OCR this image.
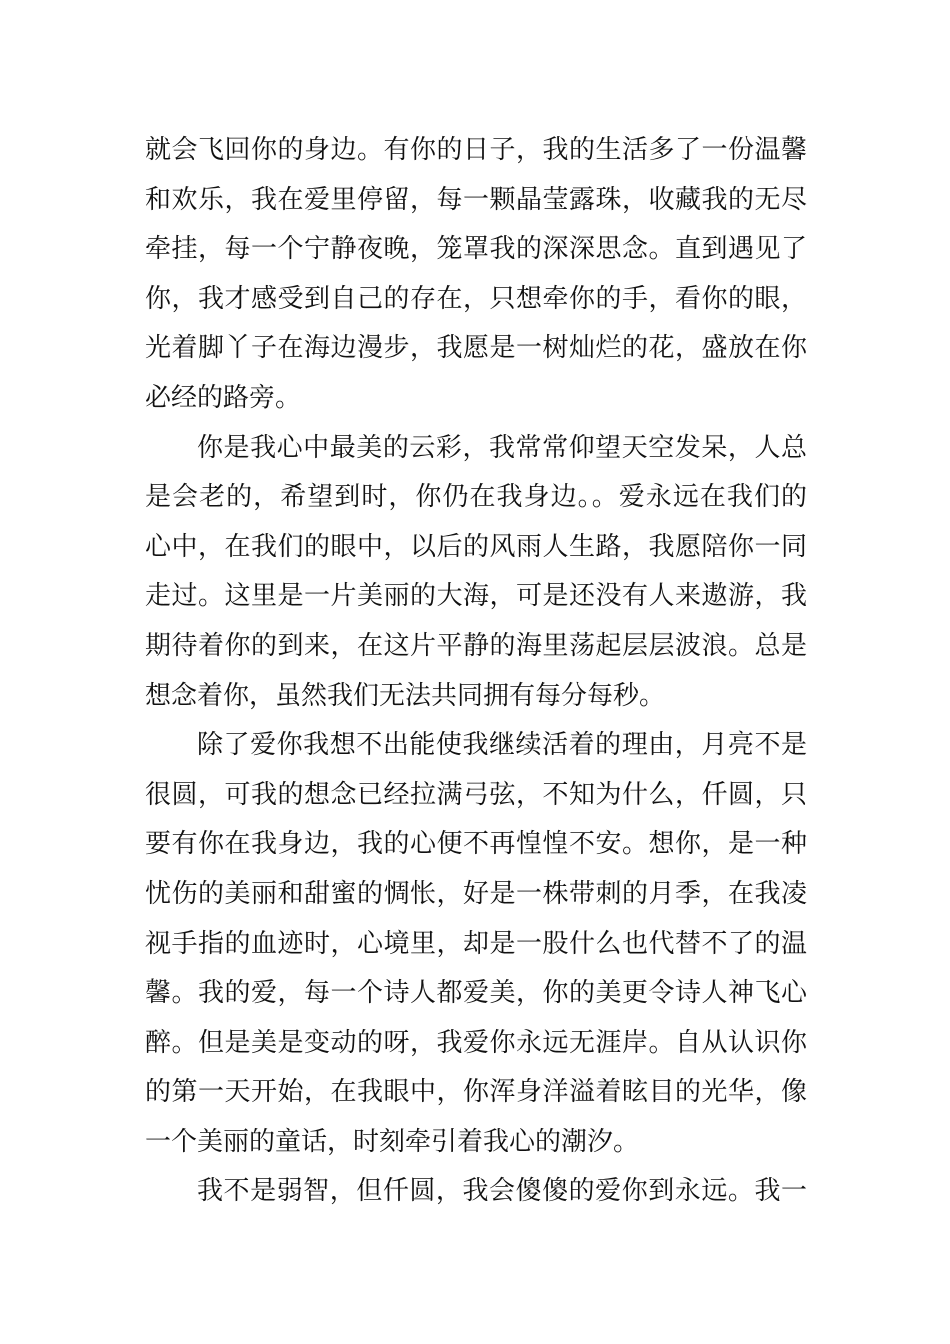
就会飞回你的身边。有你的日子，我的生活多了一份温馨
和欢乐，我在爱里停留，每一颗晶莹露珠，收藏我的无尽
牵挂，每一个宁静夜晚，笼罩我的深深思念。直到遇见了
你，我才感受到自己的存在，只想牵你的手，看你的眼，
光着脚丫子在海边漫步，我愿是一树灿烂的花，盛放在你
必经的路旁。
你是我心中最美的云彩，我常常仰望天空发呆，人总
是会老的，希望到时，你仍在我身边。。爱永远在我们的
心中，在我们的眼中，以后的风雨人生路，我愿陪你一同
走过。这里是一片美丽的大海，可是还没有人来遨游，我
期待着你的到来，在这片平静的海里荡起层层波浪。总是
想念着你，虽然我们无法共同拥有每分每秒。
除了爱你我想不出能使我继续活着的理由，月亮不是
很圆，可我的想念已经拉满弓弦，不知为什么，仟圆，只
要有你在我身边，我的心便不再惶惶不安。想你，是一种
忧伤的美丽和甜蜜的惆怅，好是一株带刺的月季，在我凌
视手指的血迹时，心境里，却是一股什么也代替不了的温
馨。我的爱，每一个诗人都爱美，你的美更令诗人神飞心
醉。但是美是变动的呀，我爱你永远无涯岸。自从认识你
的第一天开始，在我眼中，你浑身洋溢着眩目的光华，像
一个美丽的童话，时刻牵引着我心的潮汐。
我不是弱智，但仟圆，我会傻傻的爱你到永远。我一
